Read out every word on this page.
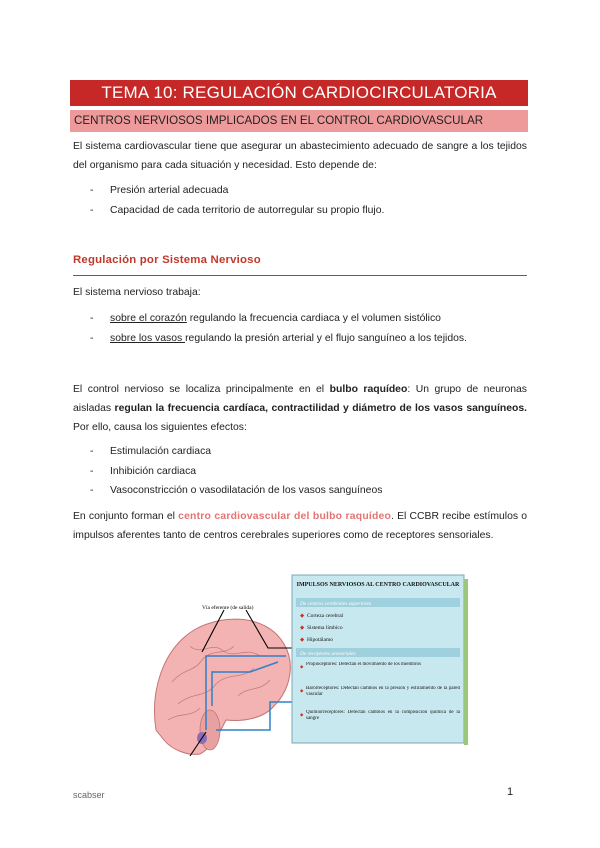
TEMA 10: REGULACIÓN CARDIOCIRCULATORIA
CENTROS NERVIOSOS IMPLICADOS EN EL CONTROL CARDIOVASCULAR

El sistema cardiovascular tiene que asegurar un abastecimiento adecuado de sangre a los tejidos del organismo para cada situación y necesidad. Esto depende de:

- Presión arterial adecuada
- Capacidad de cada territorio de autorregular su propio flujo.
Regulación por Sistema Nervioso

El sistema nervioso trabaja:

- sobre el corazón regulando la frecuencia cardiaca y el volumen sistólico
- sobre los vasos regulando la presión arterial y el flujo sanguíneo a los tejidos.

El control nervioso se localiza principalmente en el bulbo raquídeo: Un grupo de neuronas aisladas regulan la frecuencia cardíaca, contractilidad y diámetro de los vasos sanguíneos. Por ello, causa los siguientes efectos:

- Estimulación cardiaca
- Inhibición cardiaca
- Vasoconstricción o vasodilatación de los vasos sanguíneos

En conjunto forman el centro cardiovascular del bulbo raquídeo. El CCBR recibe estímulos o impulsos aferentes tanto de centros cerebrales superiores como de receptores sensoriales.

Vía eferente (de salida)
IMPULSOS NERVIOSOS AL CENTRO CARDIOVASCULAR
De centros cerebrales superiores
◆ Corteza cerebral
◆ Sistema límbico
◆ Hipotálamo
De receptores sensoriales
◆ Propioceptores: Detectan el movimiento de los miembros
◆ Barorreceptores: Detectan cambios en la presión y estiramiento de la pared vascular
◆ Quimiorreceptores: Detectan cambios en la composición química de la sangre
scabser	1
